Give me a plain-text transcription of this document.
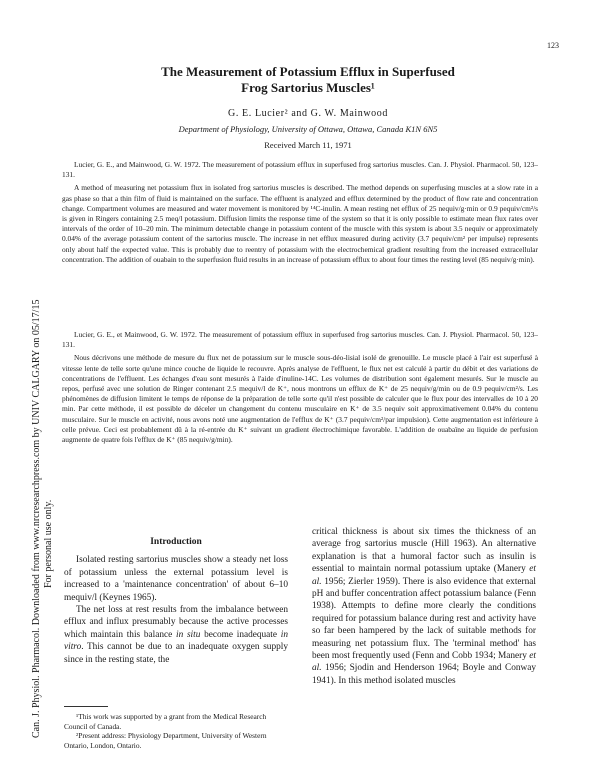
123
Can. J. Physiol. Pharmacol. Downloaded from www.nrcresearchpress.com by UNIV CALGARY on 05/17/15 For personal use only.
The Measurement of Potassium Efflux in Superfused
Frog Sartorius Muscles¹
G. E. Lucier² and G. W. Mainwood
Department of Physiology, University of Ottawa, Ottawa, Canada K1N 6N5
Received March 11, 1971

Lucier, G. E., and Mainwood, G. W. 1972. The measurement of potassium efflux in superfused frog sartorius muscles. Can. J. Physiol. Pharmacol. 50, 123–131.

A method of measuring net potassium flux in isolated frog sartorius muscles is described. The method depends on superfusing muscles at a slow rate in a gas phase so that a thin film of fluid is maintained on the surface. The effluent is analyzed and efflux determined by the product of flow rate and concentration change. Compartment volumes are measured and water movement is monitored by ¹⁴C-inulin. A mean resting net efflux of 25 nequiv/g·min or 0.9 pequiv/cm²/s is given in Ringers containing 2.5 meq/l potassium. Diffusion limits the response time of the system so that it is only possible to estimate mean flux rates over intervals of the order of 10–20 min. The minimum detectable change in potassium content of the muscle with this system is about 3.5 nequiv or approximately 0.04% of the average potassium content of the sartorius muscle. The increase in net efflux measured during activity (3.7 pequiv/cm² per impulse) represents only about half the expected value. This is probably due to reentry of potassium with the electrochemical gradient resulting from the increased extracellular concentration. The addition of ouabain to the superfusion fluid results in an increase of potassium efflux to about four times the resting level (85 nequiv/g·min).

Lucier, G. E., et Mainwood, G. W. 1972. The measurement of potassium efflux in superfused frog sartorius muscles. Can. J. Physiol. Pharmacol. 50, 123–131.

Nous décrivons une méthode de mesure du flux net de potassium sur le muscle sous-déo-lisial isolé de grenouille. Le muscle placé à l'air est superfusé à vitesse lente de telle sorte qu'une mince couche de liquide le recouvre. Après analyse de l'effluent, le flux net est calculé à partir du débit et des variations de concentrations de l'effluent. Les échanges d'eau sont mesurés à l'aide d'inuline-14C. Les volumes de distribution sont également mesurés. Sur le muscle au repos, perfusé avec une solution de Ringer contenant 2.5 mequiv/l de K⁺, nous montrons un efflux de K⁺ de 25 nequiv/g/min ou de 0.9 pequiv/cm²/s. Les phénomènes de diffusion limitent le temps de réponse de la préparation de telle sorte qu'il n'est possible de calculer que le flux pour des intervalles de 10 à 20 min. Par cette méthode, il est possible de déceler un changement du contenu musculaire en K⁺ de 3.5 nequiv soit approximativement 0.04% du contenu musculaire. Sur le muscle en activité, nous avons noté une augmentation de l'efflux de K⁺ (3.7 pequiv/cm²/par impulsion). Cette augmentation est inférieure à celle prévue. Ceci est probablement dû à la ré-entrée du K⁺ suivant un gradient électrochimique favorable. L'addition de ouabaïne au liquide de perfusion augmente de quatre fois l'efflux de K⁺ (85 nequiv/g/min).

Introduction

Isolated resting sartorius muscles show a steady net loss of potassium unless the external potassium level is increased to a 'maintenance concentration' of about 6–10 mequiv/l (Keynes 1965).

The net loss at rest results from the imbalance between efflux and influx presumably because the active processes which maintain this balance in situ become inadequate in vitro. This cannot be due to an inadequate oxygen supply since in the resting state, the

¹This work was supported by a grant from the Medical Research Council of Canada.

²Present address: Physiology Department, University of Western Ontario, London, Ontario.

critical thickness is about six times the thickness of an average frog sartorius muscle (Hill 1963). An alternative explanation is that a humoral factor such as insulin is essential to maintain normal potassium uptake (Manery et al. 1956; Zierler 1959). There is also evidence that external pH and buffer concentration affect potassium balance (Fenn 1938). Attempts to define more clearly the conditions required for potassium balance during rest and activity have so far been hampered by the lack of suitable methods for measuring net potassium flux. The 'terminal method' has been most frequently used (Fenn and Cobb 1934; Manery et al. 1956; Sjodin and Henderson 1964; Boyle and Conway 1941). In this method isolated muscles
